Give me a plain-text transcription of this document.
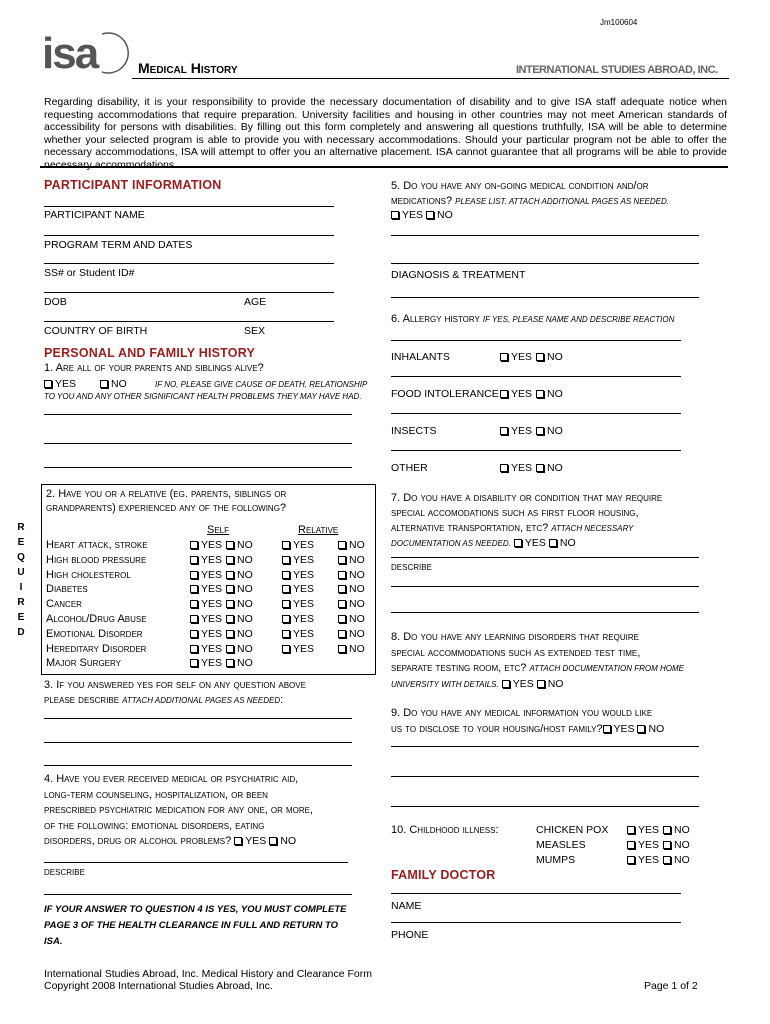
Jm100604
isa	Medical History	INTERNATIONAL STUDIES ABROAD, INC.
Regarding disability, it is your responsibility to provide the necessary documentation of disability and to give ISA staff adequate notice when requesting accommodations that require preparation. University facilities and housing in other countries may not meet American standards of accessibility for persons with disabilities. By filling out this form completely and answering all questions truthfully, ISA will be able to determine whether your selected program is able to provide you with necessary accommodations. Should your particular program not be able to offer the necessary accommodations, ISA will attempt to offer you an alternative placement. ISA cannot guarantee that all programs will be able to provide necessary accommodations.
PARTICIPANT INFORMATION
PARTICIPANT NAME
PROGRAM TERM AND DATES
SS# or Student ID#
DOB	AGE
COUNTRY OF BIRTH	SEX
PERSONAL AND FAMILY HISTORY
1. Are all of your parents and siblings alive?
YES	NO	IF NO, PLEASE GIVE CAUSE OF DEATH, RELATIONSHIP
TO YOU AND ANY OTHER SIGNIFICANT HEALTH PROBLEMS THEY MAY HAVE HAD.
R
E
Q
U
I
R
E
D
2. Have you or a relative (eg. parents, siblings or
grandparents) experienced any of the following?
Self	Relative
Heart attack, stroke	YES NO	YES	NO
High blood pressure	YES NO	YES	NO
High cholesterol	YES NO	YES	NO
Diabetes	YES NO	YES	NO
Cancer	YES NO	YES	NO
Alcohol/Drug Abuse	YES NO	YES	NO
Emotional Disorder	YES NO	YES	NO
Hereditary Disorder	YES NO	YES	NO
Major Surgery	YES NO
3. If you answered yes for self on any question above
please describe ATTACH ADDITIONAL PAGES AS NEEDED:
4. Have you ever received medical or psychiatric aid,
long-term counseling, hospitalization, or been
prescribed psychiatric medication for any one, or more,
of the following: emotional disorders, eating
disorders, drug or alcohol problems? YES NO
DESCRIBE
IF YOUR ANSWER TO QUESTION 4 IS YES, YOU MUST COMPLETE
PAGE 3 OF THE HEALTH CLEARANCE IN FULL AND RETURN TO
ISA.
5. Do you have any on-going medical condition and/or
medications? PLEASE LIST. ATTACH ADDITIONAL PAGES AS NEEDED.
YES NO
DIAGNOSIS & TREATMENT
6. Allergy history IF YES, PLEASE NAME AND DESCRIBE REACTION
INHALANTS	YES NO
FOOD INTOLERANCE	YES NO
INSECTS	YES NO
OTHER	YES NO
7. Do you have a disability or condition that may require
special accomodations such as first floor housing,
alternative transportation, etc? ATTACH NECESSARY
DOCUMENTATION AS NEEDED. YES NO
DESCRIBE
8. Do you have any learning disorders that require
special accommodations such as extended test time,
separate testing room, etc? ATTACH DOCUMENTATION FROM HOME
UNIVERSITY WITH DETAILS. YES NO
9. Do you have any medical information you would like
us to disclose to your housing/host family? YES NO
10. Childhood illness:	CHICKEN POX	YES NO
MEASLES	YES NO
MUMPS	YES NO
FAMILY DOCTOR
NAME
PHONE
International Studies Abroad, Inc. Medical History and Clearance Form
Copyright 2008 International Studies Abroad, Inc.	Page 1 of 2
